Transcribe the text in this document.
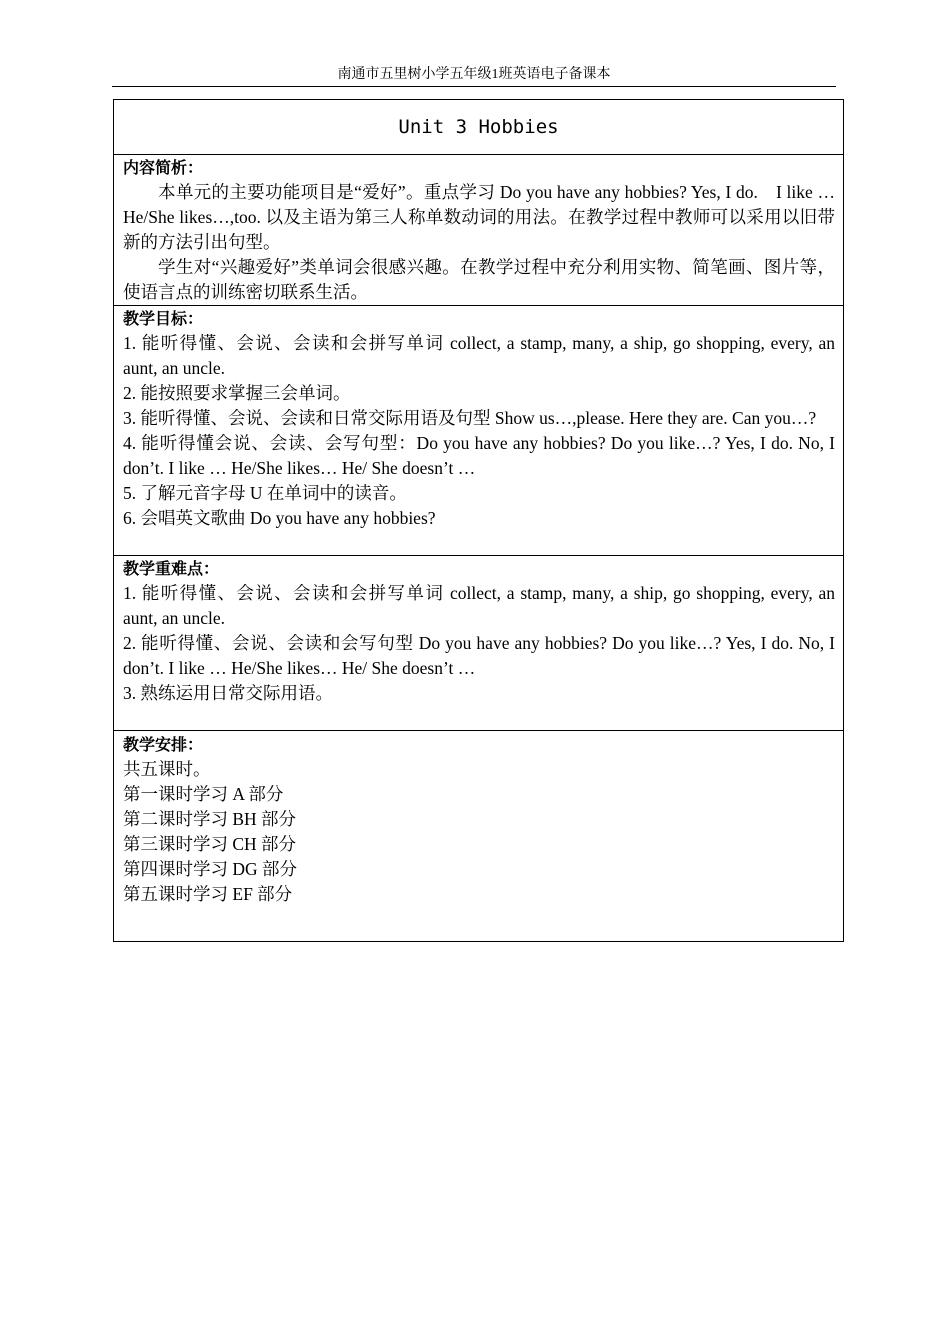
南通市五里树小学五年级1班英语电子备课本
Unit 3 Hobbies
内容简析：
本单元的主要功能项目是“爱好”。重点学习 Do you have any hobbies? Yes, I do.　I like … He/She likes…,too. 以及主语为第三人称单数动词的用法。在教学过程中教师可以采用以旧带新的方法引出句型。
学生对“兴趣爱好”类单词会很感兴趣。在教学过程中充分利用实物、简笔画、图片等，使语言点的训练密切联系生活。
教学目标：
1. 能听得懂、会说、会读和会拼写单词 collect, a stamp, many, a ship, go shopping, every, an aunt, an uncle.
2. 能按照要求掌握三会单词。
3. 能听得懂、会说、会读和日常交际用语及句型 Show us…,please. Here they are. Can you…?
4. 能听得懂会说、会读、会写句型：Do you have any hobbies? Do you like…? Yes, I do. No, I don’t. I like … He/She likes… He/ She doesn’t …
5. 了解元音字母 U 在单词中的读音。
6. 会唱英文歌曲 Do you have any hobbies?
教学重难点：
1. 能听得懂、会说、会读和会拼写单词 collect, a stamp, many, a ship, go shopping, every, an aunt, an uncle.
2. 能听得懂、会说、会读和会写句型 Do you have any hobbies? Do you like…? Yes, I do. No, I don’t. I like … He/She likes… He/ She doesn’t …
3. 熟练运用日常交际用语。
教学安排：
共五课时。
第一课时学习 A 部分
第二课时学习 BH 部分
第三课时学习 CH 部分
第四课时学习 DG 部分
第五课时学习 EF 部分
